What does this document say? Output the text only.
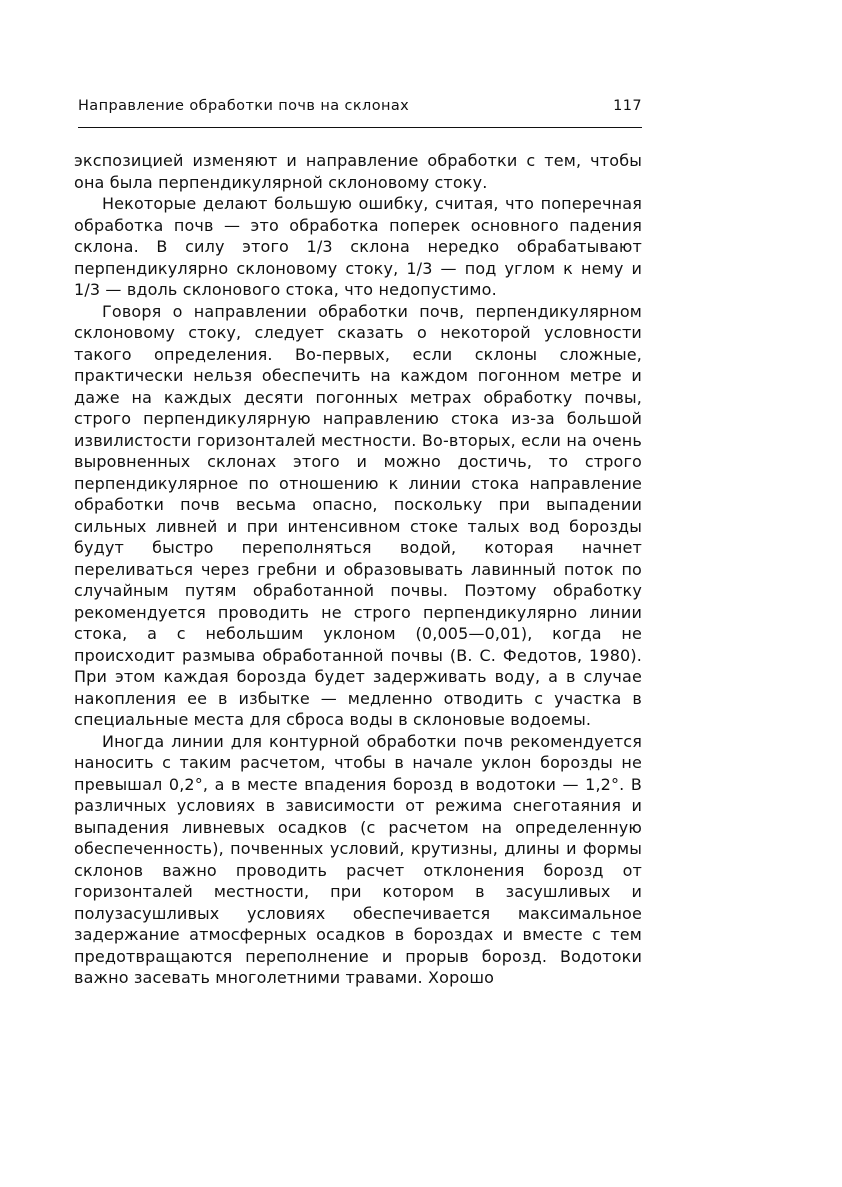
Направление обработки почв на склонах	117

экспозицией изменяют и направление обработки с тем, чтобы она была перпендикулярной склоновому стоку.

Некоторые делают большую ошибку, считая, что поперечная обработка почв — это обработка поперек основного падения склона. В силу этого 1/3 склона нередко обрабатывают перпендикулярно склоновому стоку, 1/3 — под углом к нему и 1/3 — вдоль склонового стока, что недопустимо.

Говоря о направлении обработки почв, перпендикулярном склоновому стоку, следует сказать о некоторой условности такого определения. Во-первых, если склоны сложные, практически нельзя обеспечить на каждом погонном метре и даже на каждых десяти погонных метрах обработку почвы, строго перпендикулярную направлению стока из-за большой извилистости горизонталей местности. Во-вторых, если на очень выровненных склонах этого и можно достичь, то строго перпендикулярное по отношению к линии стока направление обработки почв весьма опасно, поскольку при выпадении сильных ливней и при интенсивном стоке талых вод борозды будут быстро переполняться водой, которая начнет переливаться через гребни и образовывать лавинный поток по случайным путям обработанной почвы. Поэтому обработку рекомендуется проводить не строго перпендикулярно линии стока, а с небольшим уклоном (0,005—0,01), когда не происходит размыва обработанной почвы (В. С. Федотов, 1980). При этом каждая борозда будет задерживать воду, а в случае накопления ее в избытке — медленно отводить с участка в специальные места для сброса воды в склоновые водоемы.

Иногда линии для контурной обработки почв рекомендуется наносить с таким расчетом, чтобы в начале уклон борозды не превышал 0,2°, а в месте впадения борозд в водотоки — 1,2°. В различных условиях в зависимости от режима снеготаяния и выпадения ливневых осадков (с расчетом на определенную обеспеченность), почвенных условий, крутизны, длины и формы склонов важно проводить расчет отклонения борозд от горизонталей местности, при котором в засушливых и полузасушливых условиях обеспечивается максимальное задержание атмосферных осадков в бороздах и вместе с тем предотвращаются переполнение и прорыв борозд. Водотоки важно засевать многолетними травами. Хорошо
